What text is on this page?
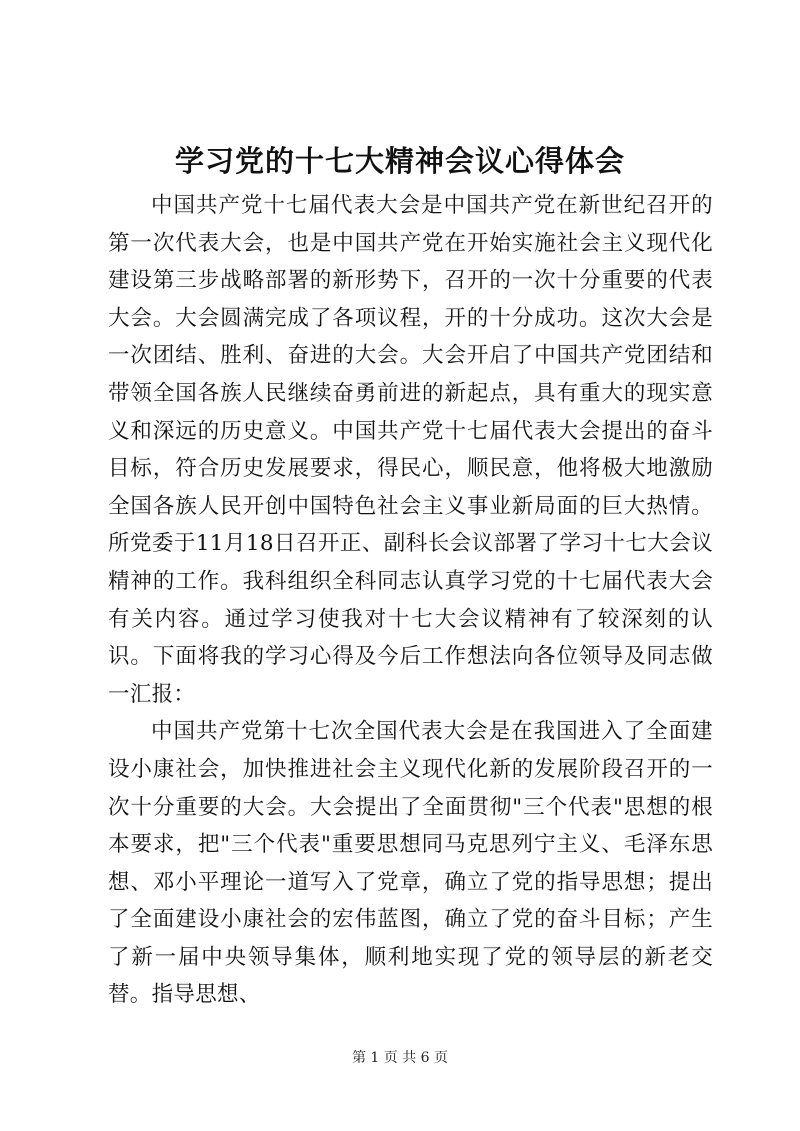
学习党的十七大精神会议心得体会

中国共产党十七届代表大会是中国共产党在新世纪召开的第一次代表大会，也是中国共产党在开始实施社会主义现代化建设第三步战略部署的新形势下，召开的一次十分重要的代表大会。大会圆满完成了各项议程，开的十分成功。这次大会是一次团结、胜利、奋进的大会。大会开启了中国共产党团结和带领全国各族人民继续奋勇前进的新起点，具有重大的现实意义和深远的历史意义。中国共产党十七届代表大会提出的奋斗目标，符合历史发展要求，得民心，顺民意，他将极大地激励全国各族人民开创中国特色社会主义事业新局面的巨大热情。所党委于11月18日召开正、副科长会议部署了学习十七大会议精神的工作。我科组织全科同志认真学习党的十七届代表大会有关内容。通过学习使我对十七大会议精神有了较深刻的认识。下面将我的学习心得及今后工作想法向各位领导及同志做一汇报：

中国共产党第十七次全国代表大会是在我国进入了全面建设小康社会，加快推进社会主义现代化新的发展阶段召开的一次十分重要的大会。大会提出了全面贯彻"三个代表"思想的根本要求，把"三个代表"重要思想同马克思列宁主义、毛泽东思想、邓小平理论一道写入了党章，确立了党的指导思想；提出了全面建设小康社会的宏伟蓝图，确立了党的奋斗目标；产生了新一届中央领导集体，顺利地实现了党的领导层的新老交替。指导思想、

第 1 页 共 6 页
